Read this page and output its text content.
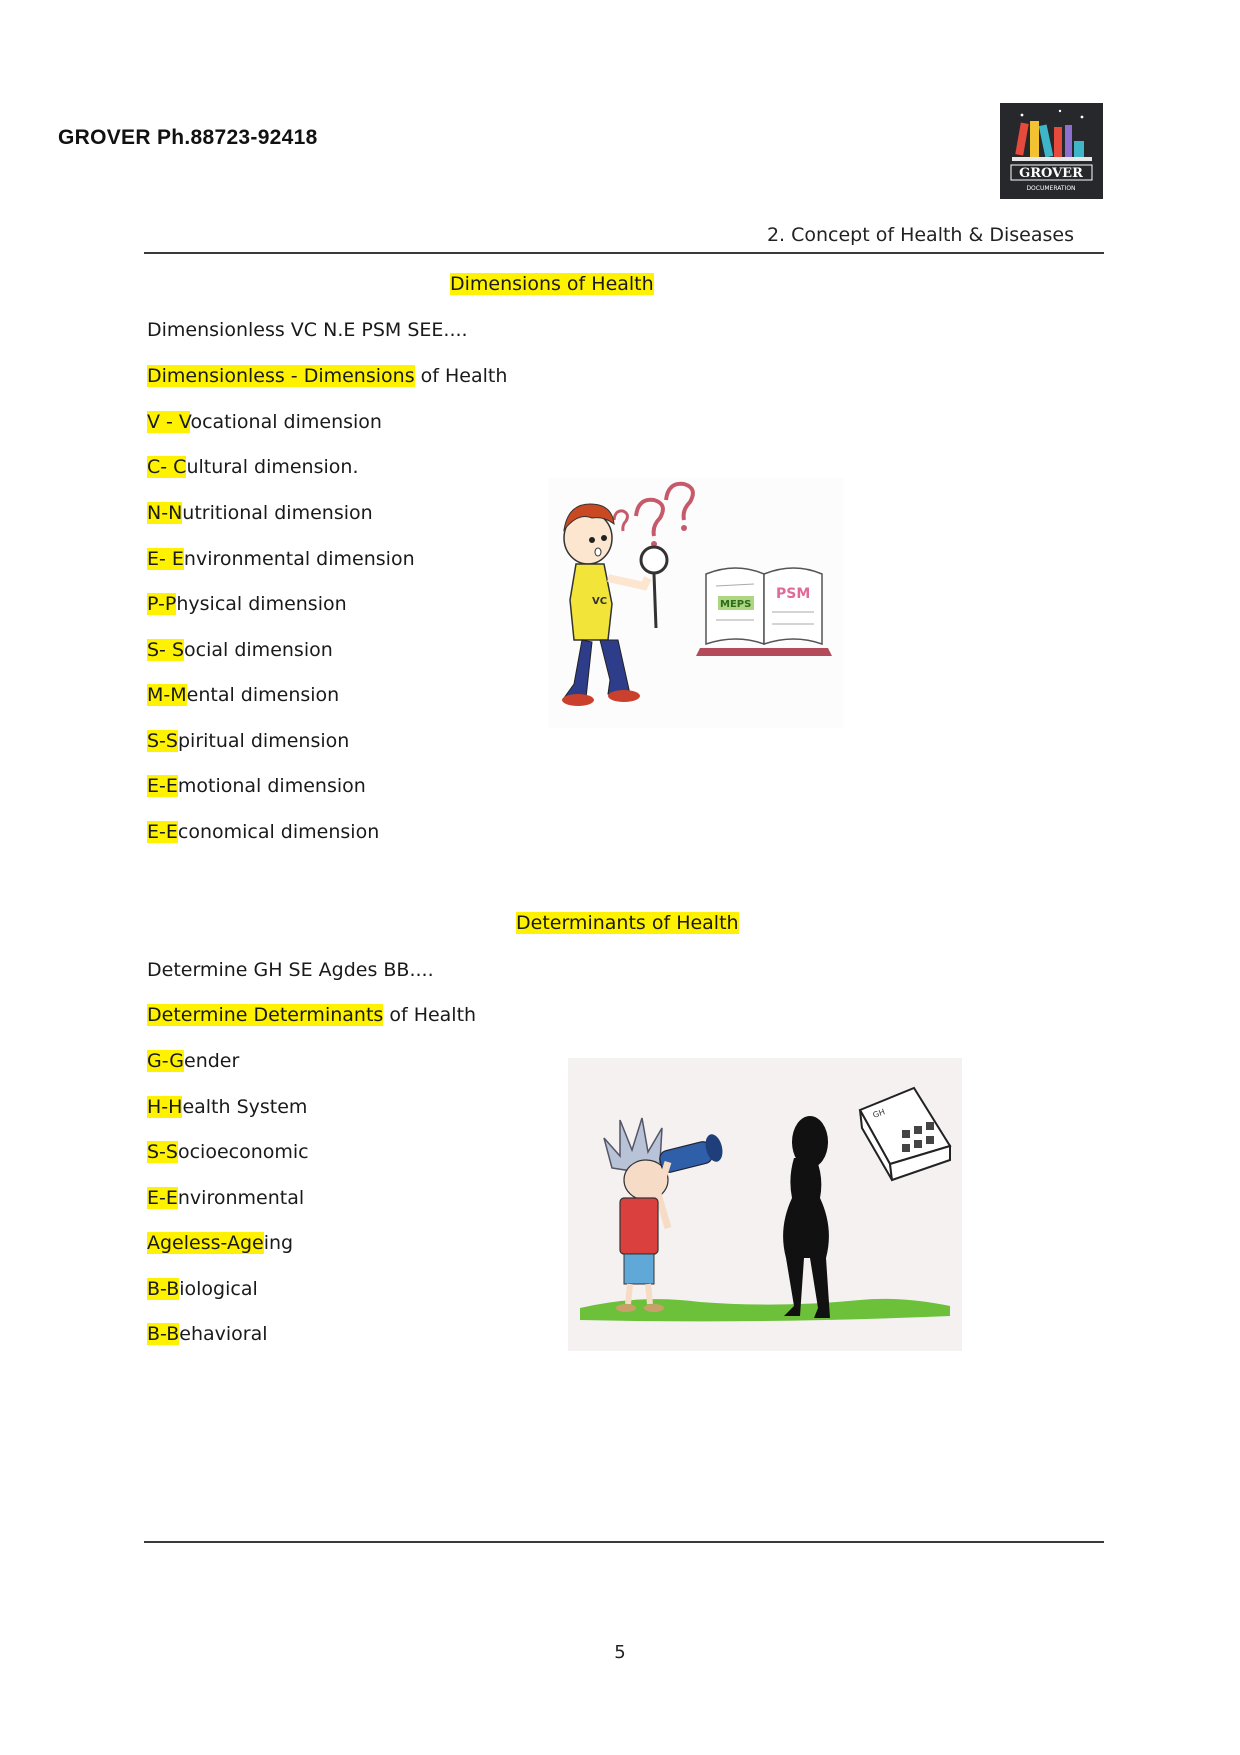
GROVER Ph.88723-92418
GROVER
DOCUMERATION
2. Concept of Health & Diseases
Dimensions of Health
Dimensionless VC N.E PSM SEE....
Dimensionless - Dimensions of Health
V - Vocational dimension
C- Cultural dimension.
N-Nutritional dimension
E- Environmental dimension
P-Physical dimension
S- Social dimension
M-Mental dimension
S-Spiritual dimension
E-Emotional dimension
E-Economical dimension
VC	MEPS
PSM
Determinants of Health
Determine GH SE Agdes BB....
Determine Determinants of Health
G-Gender
H-Health System
S-Socioeconomic
E-Environmental
Ageless-Ageing
B-Biological
B-Behavioral
GH
5
